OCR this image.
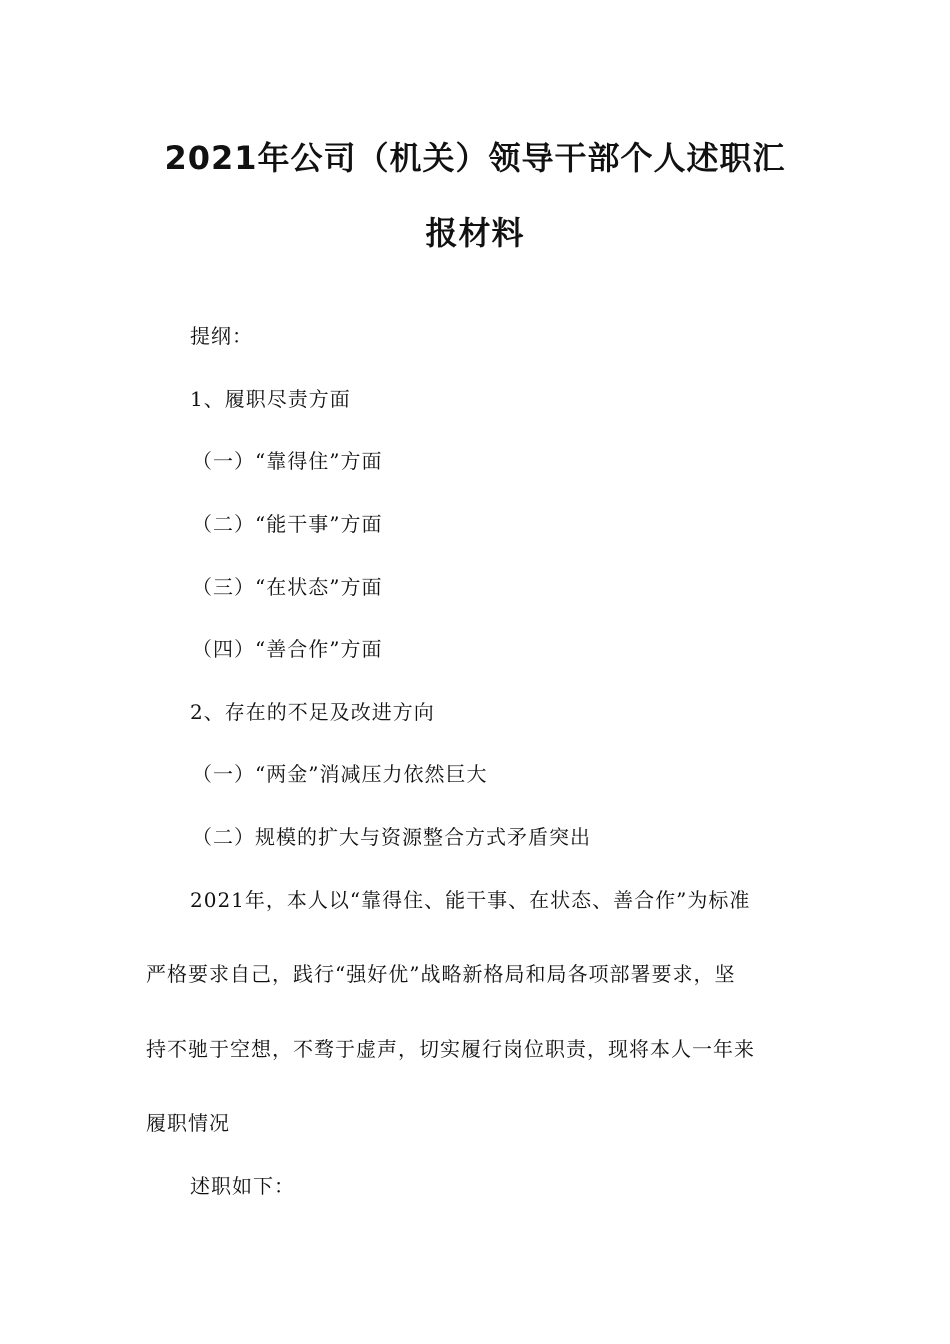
2021年公司（机关）领导干部个人述职汇
报材料
提纲：
1、履职尽责方面
（一）“靠得住”方面
（二）“能干事”方面
（三）“在状态”方面
（四）“善合作”方面
2、存在的不足及改进方向
（一）“两金”消减压力依然巨大
（二）规模的扩大与资源整合方式矛盾突出
2021年，本人以“靠得住、能干事、在状态、善合作”为标准
严格要求自己，践行“强好优”战略新格局和局各项部署要求，坚
持不驰于空想，不骛于虚声，切实履行岗位职责，现将本人一年来
履职情况
述职如下：
